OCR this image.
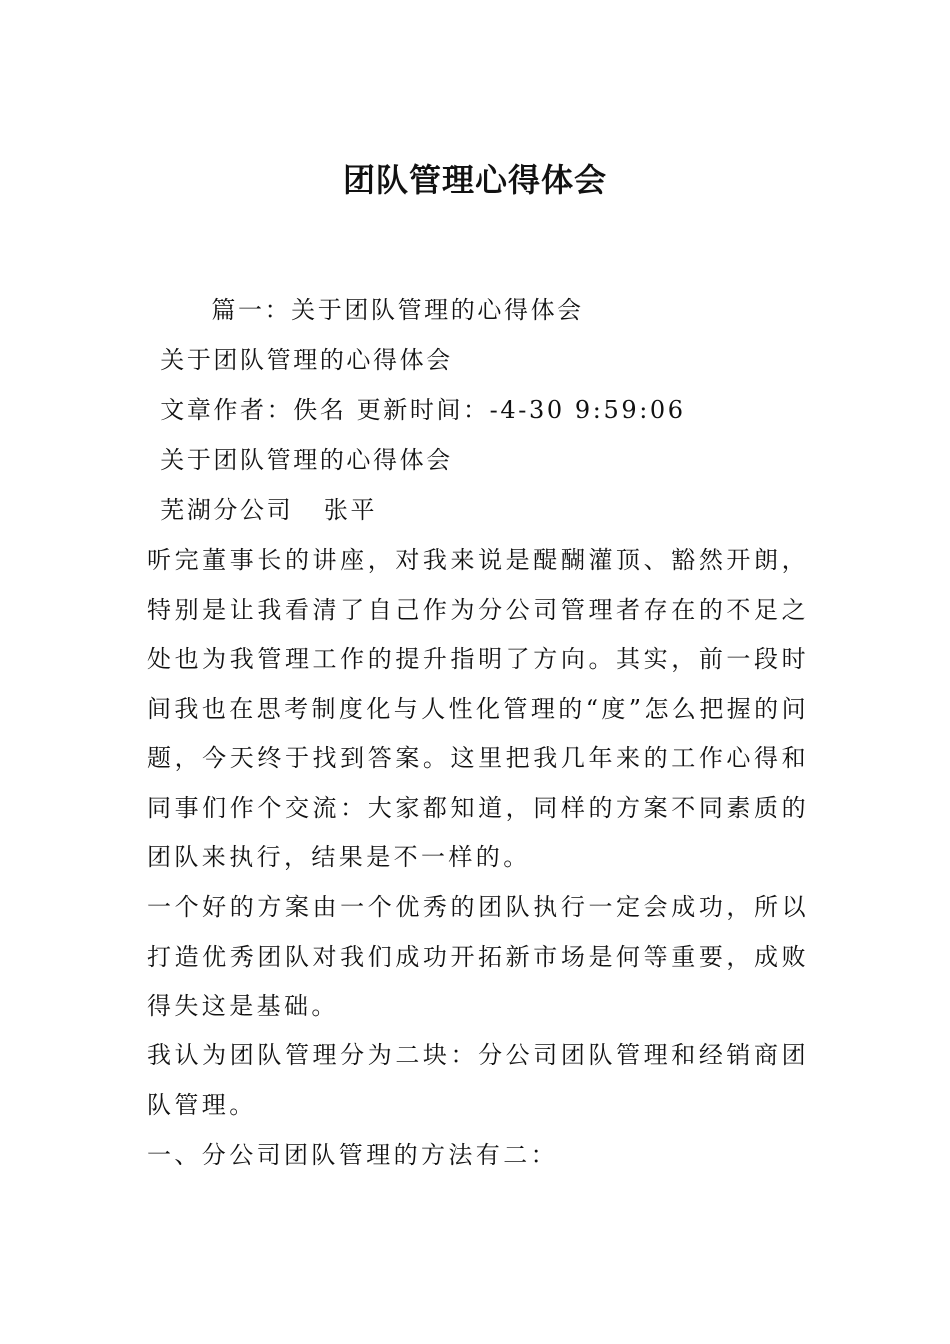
团队管理心得体会
篇一：关于团队管理的心得体会
关于团队管理的心得体会
文章作者：佚名 更新时间：-4-30 9:59:06
关于团队管理的心得体会
芜湖分公司   张平
听完董事长的讲座，对我来说是醍醐灌顶、豁然开朗，特别是让我看清了自己作为分公司管理者存在的不足之处也为我管理工作的提升指明了方向。其实，前一段时间我也在思考制度化与人性化管理的“度”怎么把握的问题，今天终于找到答案。这里把我几年来的工作心得和同事们作个交流：大家都知道，同样的方案不同素质的团队来执行，结果是不一样的。
一个好的方案由一个优秀的团队执行一定会成功，所以打造优秀团队对我们成功开拓新市场是何等重要，成败得失这是基础。
我认为团队管理分为二块：分公司团队管理和经销商团队管理。
一、分公司团队管理的方法有二：
